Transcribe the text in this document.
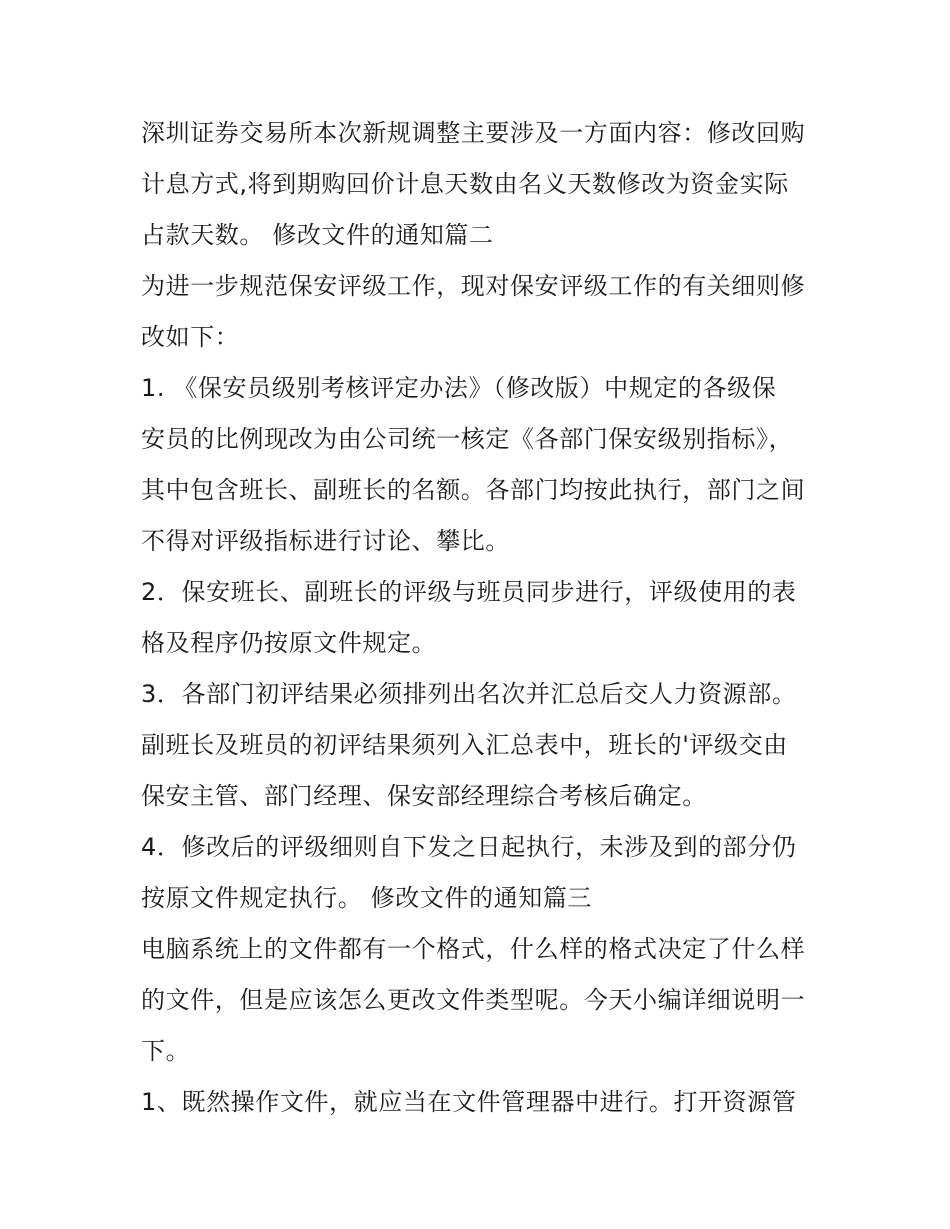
深圳证券交易所本次新规调整主要涉及一方面内容：修改回购
计息方式,将到期购回价计息天数由名义天数修改为资金实际
占款天数。 修改文件的通知篇二
为进一步规范保安评级工作，现对保安评级工作的有关细则修
改如下：
1. 《保安员级别考核评定办法》（修改版）中规定的各级保
安员的比例现改为由公司统一核定《各部门保安级别指标》，
其中包含班长、副班长的名额。各部门均按此执行，部门之间
不得对评级指标进行讨论、攀比。
2．保安班长、副班长的评级与班员同步进行，评级使用的表
格及程序仍按原文件规定。
3．各部门初评结果必须排列出名次并汇总后交人力资源部。
副班长及班员的初评结果须列入汇总表中，班长的'评级交由
保安主管、部门经理、保安部经理综合考核后确定。
4．修改后的评级细则自下发之日起执行，未涉及到的部分仍
按原文件规定执行。 修改文件的通知篇三
电脑系统上的文件都有一个格式，什么样的格式决定了什么样
的文件，但是应该怎么更改文件类型呢。今天小编详细说明一
下。
1、既然操作文件，就应当在文件管理器中进行。打开资源管
